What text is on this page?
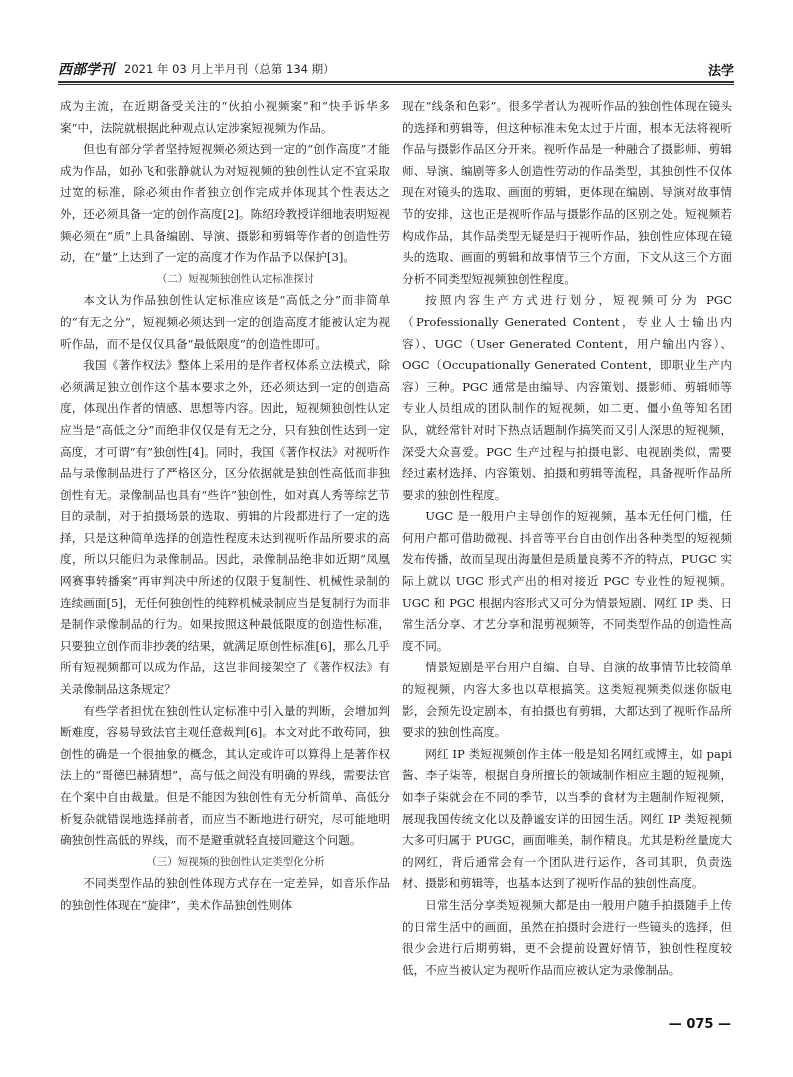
西部学刊 2021 年 03 月上半月刊（总第 134 期）	法学

成为主流，在近期备受关注的“伙拍小视频案”和“快手诉华多案”中，法院就根据此种观点认定涉案短视频为作品。

但也有部分学者坚持短视频必须达到一定的“创作高度”才能成为作品，如孙飞和张静就认为对短视频的独创性认定不宜采取过宽的标准，除必须由作者独立创作完成并体现其个性表达之外，还必须具备一定的创作高度[2]。陈绍玲教授详细地表明短视频必须在“质”上具备编剧、导演、摄影和剪辑等作者的创造性劳动，在“量”上达到了一定的高度才作为作品予以保护[3]。

（二）短视频独创性认定标准探讨

本文认为作品独创性认定标准应该是“高低之分”而非简单的“有无之分”，短视频必须达到一定的创造高度才能被认定为视听作品，而不是仅仅具备“最低限度”的创造性即可。

我国《著作权法》整体上采用的是作者权体系立法模式，除必须满足独立创作这个基本要求之外，还必须达到一定的创造高度，体现出作者的情感、思想等内容。因此，短视频独创性认定应当是“高低之分”而绝非仅仅是有无之分，只有独创性达到一定高度，才可谓“有”独创性[4]。同时，我国《著作权法》对视听作品与录像制品进行了严格区分，区分依据就是独创性高低而非独创性有无。录像制品也具有“些许”独创性，如对真人秀等综艺节目的录制，对于拍摄场景的选取、剪辑的片段都进行了一定的选择，只是这种简单选择的创造性程度未达到视听作品所要求的高度，所以只能归为录像制品。因此，录像制品绝非如近期“凤凰网赛事转播案”再审判决中所述的仅限于复制性、机械性录制的连续画面[5]，无任何独创性的纯粹机械录制应当是复制行为而非是制作录像制品的行为。如果按照这种最低限度的创造性标准，只要独立创作而非抄袭的结果，就满足原创性标准[6]，那么几乎所有短视频都可以成为作品，这岂非间接架空了《著作权法》有关录像制品这条规定？

有些学者担忧在独创性认定标准中引入量的判断，会增加判断难度，容易导致法官主观任意裁判[6]。本文对此不敢苟同，独创性的确是一个很抽象的概念，其认定或许可以算得上是著作权法上的“哥德巴赫猜想”，高与低之间没有明确的界线，需要法官在个案中自由裁量。但是不能因为独创性有无分析简单、高低分析复杂就错误地选择前者，而应当不断地进行研究，尽可能地明确独创性高低的界线，而不是避重就轻直接回避这个问题。

（三）短视频的独创性认定类型化分析

不同类型作品的独创性体现方式存在一定差异，如音乐作品的独创性体现在“旋律”，美术作品独创性则体

现在“线条和色彩”。很多学者认为视听作品的独创性体现在镜头的选择和剪辑等，但这种标准未免太过于片面，根本无法将视听作品与摄影作品区分开来。视听作品是一种融合了摄影师、剪辑师、导演、编剧等多人创造性劳动的作品类型，其独创性不仅体现在对镜头的选取、画面的剪辑，更体现在编剧、导演对故事情节的安排，这也正是视听作品与摄影作品的区别之处。短视频若构成作品，其作品类型无疑是归于视听作品，独创性应体现在镜头的选取、画面的剪辑和故事情节三个方面，下文从这三个方面分析不同类型短视频独创性程度。

按照内容生产方式进行划分，短视频可分为 PGC（Professionally Generated Content，专业人士输出内容）、UGC（User Generated Content，用户输出内容）、OGC（Occupationally Generated Content，即职业生产内容）三种。PGC 通常是由编导、内容策划、摄影师、剪辑师等专业人员组成的团队制作的短视频，如二更、僵小鱼等知名团队，就经常针对时下热点话题制作搞笑而又引人深思的短视频，深受大众喜爱。PGC 生产过程与拍摄电影、电视剧类似，需要经过素材选择、内容策划、拍摄和剪辑等流程，具备视听作品所要求的独创性程度。

UGC 是一般用户主导创作的短视频，基本无任何门槛，任何用户都可借助微视、抖音等平台自由创作出各种类型的短视频发布传播，故而呈现出海量但是质量良莠不齐的特点，PUGC 实际上就以 UGC 形式产出的相对接近 PGC 专业性的短视频。UGC 和 PGC 根据内容形式又可分为情景短剧、网红 IP 类、日常生活分享、才艺分享和混剪视频等，不同类型作品的创造性高度不同。

情景短剧是平台用户自编、自导、自演的故事情节比较简单的短视频，内容大多也以草根搞笑。这类短视频类似迷你版电影，会预先设定剧本，有拍摄也有剪辑，大都达到了视听作品所要求的独创性高度。

网红 IP 类短视频创作主体一般是知名网红或博主，如 papi 酱、李子柒等，根据自身所擅长的领域制作相应主题的短视频，如李子柒就会在不同的季节，以当季的食材为主题制作短视频，展现我国传统文化以及静谧安详的田园生活。网红 IP 类短视频大多可归属于 PUGC，画面唯美，制作精良。尤其是粉丝量庞大的网红，背后通常会有一个团队进行运作，各司其职，负责选材、摄影和剪辑等，也基本达到了视听作品的独创性高度。

日常生活分享类短视频大都是由一般用户随手拍摄随手上传的日常生活中的画面，虽然在拍摄时会进行一些镜头的选择，但很少会进行后期剪辑，更不会提前设置好情节，独创性程度较低，不应当被认定为视听作品而应被认定为录像制品。

— 075 —
